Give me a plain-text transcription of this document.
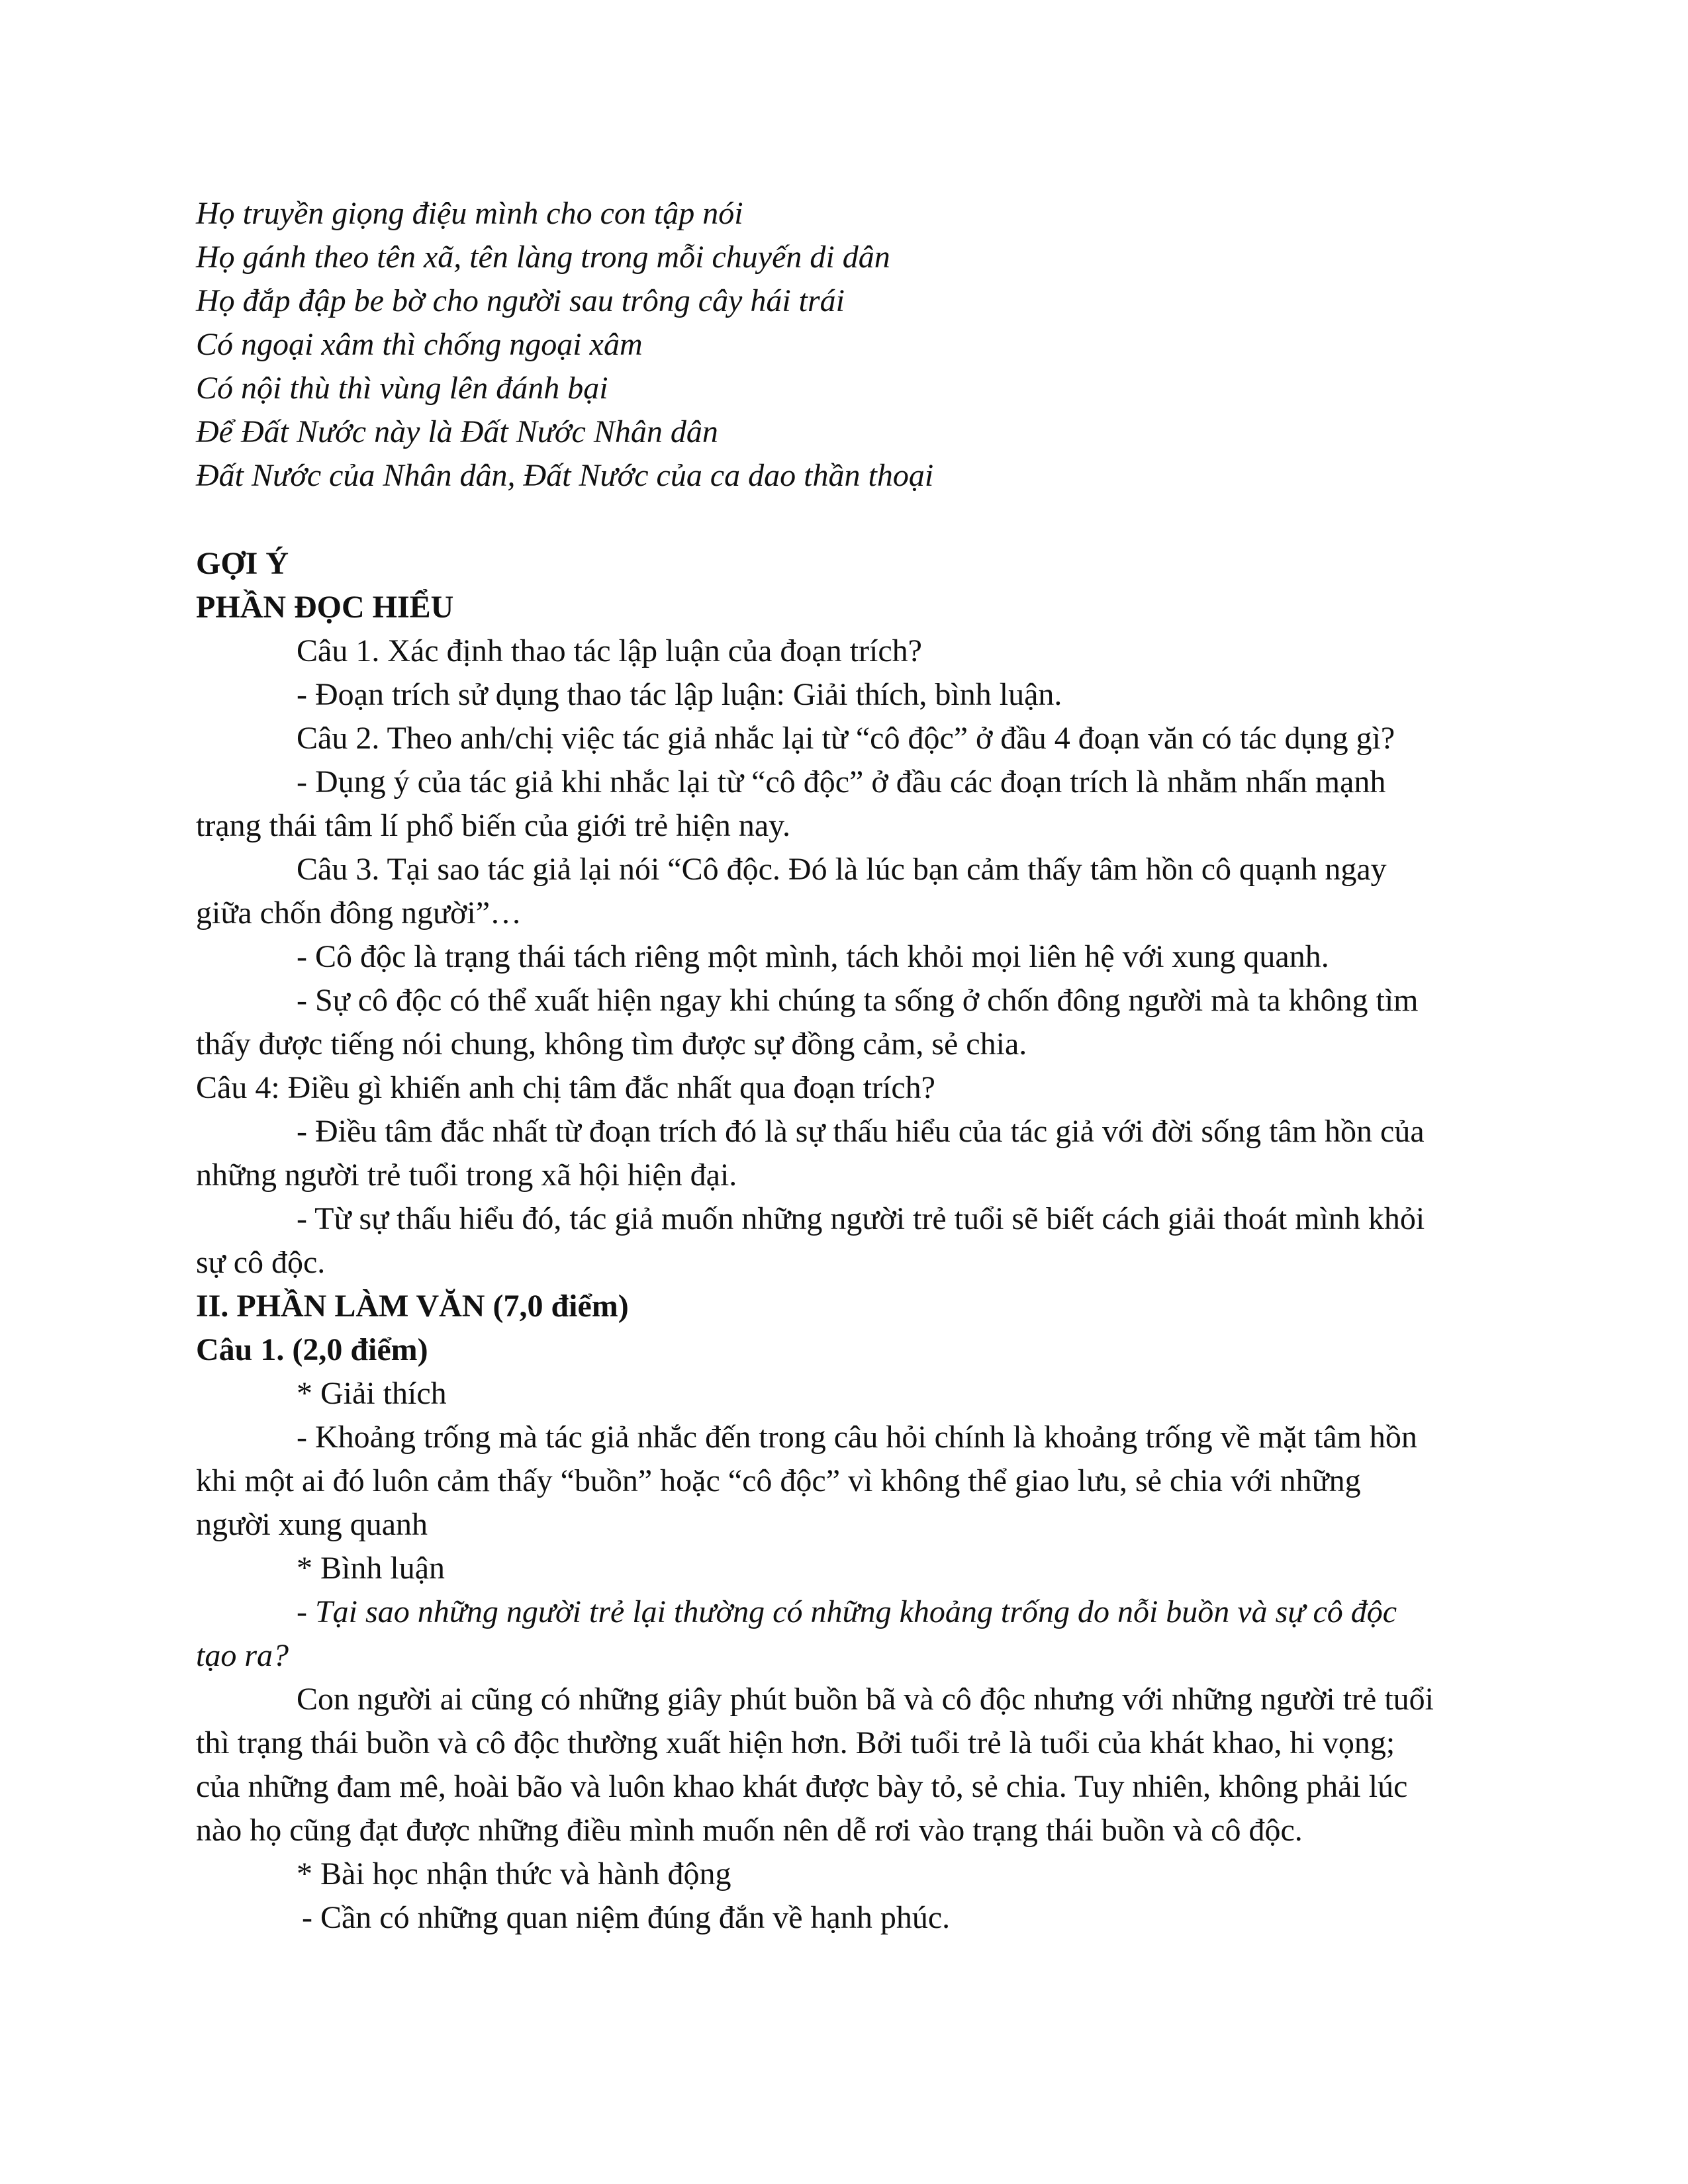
Họ truyền giọng điệu mình cho con tập nói

Họ gánh theo tên xã, tên làng trong mỗi chuyến di dân

Họ đắp đập be bờ cho người sau trông cây hái trái

Có ngoại xâm thì chống ngoại xâm

Có nội thù thì vùng lên đánh bại

Để Đất Nước này là Đất Nước Nhân dân

Đất Nước của Nhân dân, Đất Nước của ca dao thần thoại

GỢI Ý

PHẦN ĐỌC HIỂU

Câu 1. Xác định thao tác lập luận của đoạn trích?

- Đoạn trích sử dụng thao tác lập luận: Giải thích, bình luận.

Câu 2. Theo anh/chị việc tác giả nhắc lại từ “cô độc” ở đầu 4 đoạn văn có tác dụng gì?

- Dụng ý của tác giả khi nhắc lại từ “cô độc” ở đầu các đoạn trích là nhằm nhấn mạnh

trạng thái tâm lí phổ biến của giới trẻ hiện nay.

Câu 3. Tại sao tác giả lại nói “Cô độc. Đó là lúc bạn cảm thấy tâm hồn cô quạnh ngay

giữa chốn đông người”…

- Cô độc là trạng thái tách riêng một mình, tách khỏi mọi liên hệ với xung quanh.

- Sự cô độc có thể xuất hiện ngay khi chúng ta sống ở chốn đông người mà ta không tìm

thấy được tiếng nói chung, không tìm được sự đồng cảm, sẻ chia.

Câu 4: Điều gì khiến anh chị tâm đắc nhất qua đoạn trích?

- Điều tâm đắc nhất từ đoạn trích đó là sự thấu hiểu của tác giả với đời sống tâm hồn của

những người trẻ tuổi trong xã hội hiện đại.

- Từ sự thấu hiểu đó, tác giả muốn những người trẻ tuổi sẽ biết cách giải thoát mình khỏi

sự cô độc.

II. PHẦN LÀM VĂN (7,0 điểm)

Câu 1. (2,0 điểm)

* Giải thích

- Khoảng trống mà tác giả nhắc đến trong câu hỏi chính là khoảng trống về mặt tâm hồn

khi một ai đó luôn cảm thấy “buồn” hoặc “cô độc” vì không thể giao lưu, sẻ chia với những

người xung quanh

* Bình luận

- Tại sao những người trẻ lại thường có những khoảng trống do nỗi buồn và sự cô độc

tạo ra?

Con người ai cũng có những giây phút buồn bã và cô độc nhưng với những người trẻ tuổi

thì trạng thái buồn và cô độc thường xuất hiện hơn. Bởi tuổi trẻ là tuổi của khát khao, hi vọng;

của những đam mê, hoài bão và luôn khao khát được bày tỏ, sẻ chia. Tuy nhiên, không phải lúc

nào họ cũng đạt được những điều mình muốn nên dễ rơi vào trạng thái buồn và cô độc.

* Bài học nhận thức và hành động

- Cần có những quan niệm đúng đắn về hạnh phúc.
